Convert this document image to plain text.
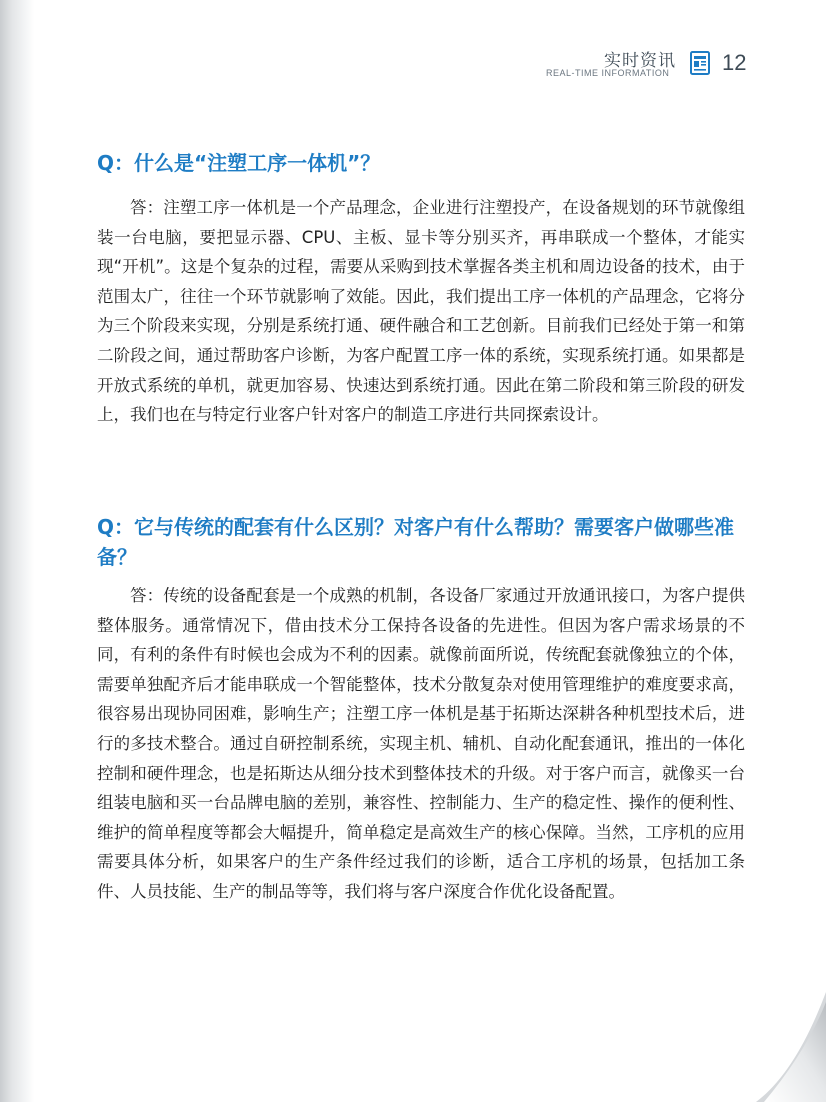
实时资讯
REAL-TIME INFORMATION 12
Q：什么是“注塑工序一体机”？

答：注塑工序一体机是一个产品理念，企业进行注塑投产，在设备规划的环节就像组装一台电脑，要把显示器、CPU、主板、显卡等分别买齐，再串联成一个整体，才能实现“开机”。这是个复杂的过程，需要从采购到技术掌握各类主机和周边设备的技术，由于范围太广，往往一个环节就影响了效能。因此，我们提出工序一体机的产品理念，它将分为三个阶段来实现，分别是系统打通、硬件融合和工艺创新。目前我们已经处于第一和第二阶段之间，通过帮助客户诊断，为客户配置工序一体的系统，实现系统打通。如果都是开放式系统的单机，就更加容易、快速达到系统打通。因此在第二阶段和第三阶段的研发上，我们也在与特定行业客户针对客户的制造工序进行共同探索设计。

Q：它与传统的配套有什么区别？对客户有什么帮助？需要客户做哪些准备？

答：传统的设备配套是一个成熟的机制，各设备厂家通过开放通讯接口，为客户提供整体服务。通常情况下，借由技术分工保持各设备的先进性。但因为客户需求场景的不同，有利的条件有时候也会成为不利的因素。就像前面所说，传统配套就像独立的个体，需要单独配齐后才能串联成一个智能整体，技术分散复杂对使用管理维护的难度要求高，很容易出现协同困难，影响生产；注塑工序一体机是基于拓斯达深耕各种机型技术后，进行的多技术整合。通过自研控制系统，实现主机、辅机、自动化配套通讯，推出的一体化控制和硬件理念，也是拓斯达从细分技术到整体技术的升级。对于客户而言，就像买一台组装电脑和买一台品牌电脑的差别，兼容性、控制能力、生产的稳定性、操作的便利性、维护的简单程度等都会大幅提升，简单稳定是高效生产的核心保障。当然，工序机的应用需要具体分析，如果客户的生产条件经过我们的诊断，适合工序机的场景，包括加工条件、人员技能、生产的制品等等，我们将与客户深度合作优化设备配置。
